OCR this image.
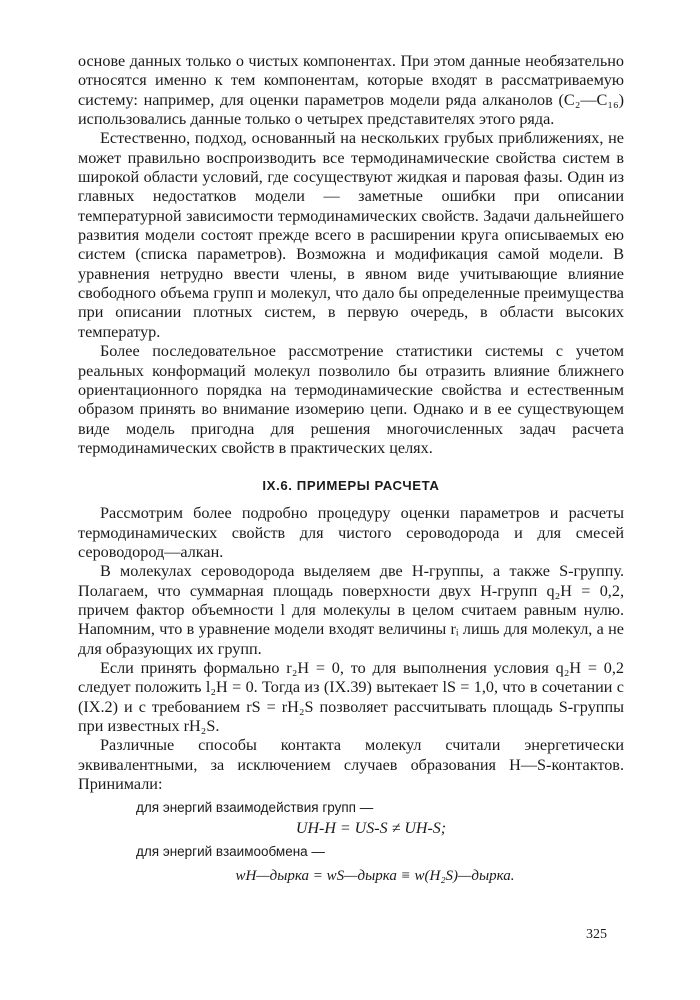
основе данных только о чистых компонентах. При этом данные необязательно относятся именно к тем компонентам, которые входят в рассматриваемую систему: например, для оценки параметров модели ряда алканолов (C₂—C₁₆) использовались данные только о четырех представителях этого ряда.

Естественно, подход, основанный на нескольких грубых приближениях, не может правильно воспроизводить все термодинамические свойства систем в широкой области условий, где сосуществуют жидкая и паровая фазы. Один из главных недостатков модели — заметные ошибки при описании температурной зависимости термодинамических свойств. Задачи дальнейшего развития модели состоят прежде всего в расширении круга описываемых ею систем (списка параметров). Возможна и модификация самой модели. В уравнения нетрудно ввести члены, в явном виде учитывающие влияние свободного объема групп и молекул, что дало бы определенные преимущества при описании плотных систем, в первую очередь, в области высоких температур.

Более последовательное рассмотрение статистики системы с учетом реальных конформаций молекул позволило бы отразить влияние ближнего ориентационного порядка на термодинамические свойства и естественным образом принять во внимание изомерию цепи. Однако и в ее существующем виде модель пригодна для решения многочисленных задач расчета термодинамических свойств в практических целях.

IX.6. ПРИМЕРЫ РАСЧЕТА

Рассмотрим более подробно процедуру оценки параметров и расчеты термодинамических свойств для чистого сероводорода и для смесей сероводород—алкан.

В молекулах сероводорода выделяем две H-группы, а также S-группу. Полагаем, что суммарная площадь поверхности двух H-групп q₂H = 0,2, причем фактор объемности l для молекулы в целом считаем равным нулю. Напомним, что в уравнение модели входят величины rᵢ лишь для молекул, а не для образующих их групп.

Если принять формально r₂H = 0, то для выполнения условия q₂H = 0,2 следует положить l₂H = 0. Тогда из (IX.39) вытекает lS = 1,0, что в сочетании с (IX.2) и с требованием rS = rH₂S позволяет рассчитывать площадь S-группы при известных rH₂S.

Различные способы контакта молекул считали энергетически эквивалентными, за исключением случаев образования H—S-контактов. Принимали:

для энергий взаимодействия групп —
UH-H = US-S ≠ UH-S;
для энергий взаимообмена —
wH—дырка = wS—дырка ≡ w(H₂S)—дырка.
325
